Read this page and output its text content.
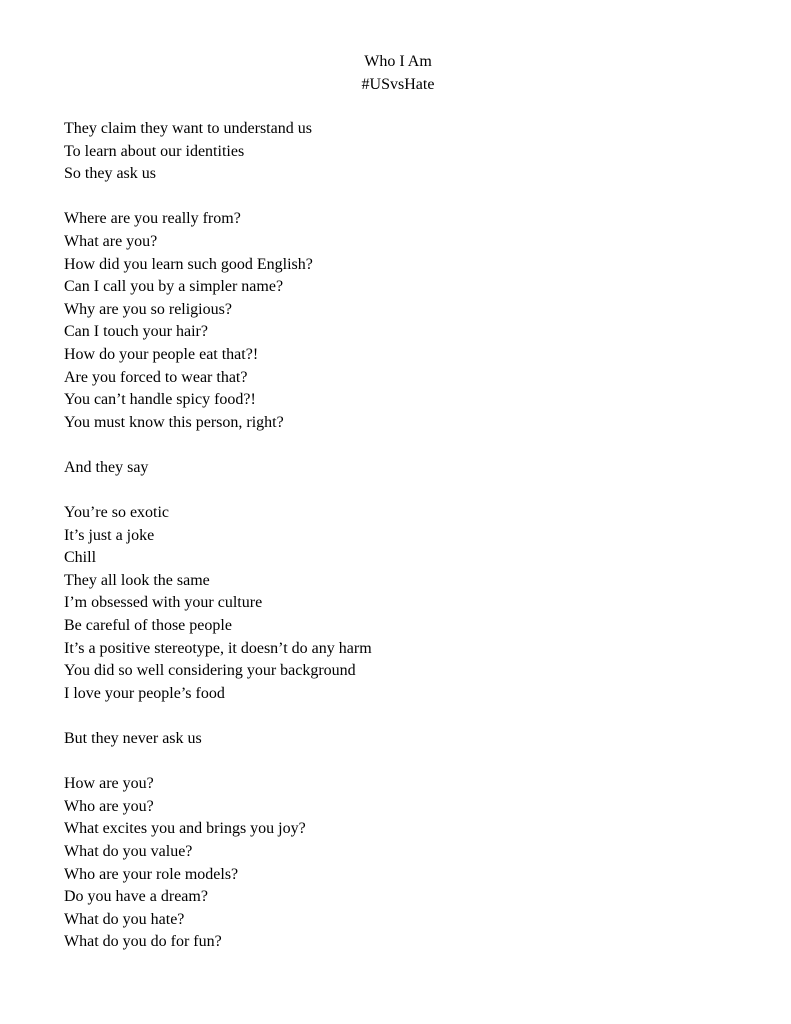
Who I Am
#USvsHate
They claim they want to understand us
To learn about our identities
So they ask us
Where are you really from?
What are you?
How did you learn such good English?
Can I call you by a simpler name?
Why are you so religious?
Can I touch your hair?
How do your people eat that?!
Are you forced to wear that?
You can’t handle spicy food?!
You must know this person, right?
And they say
You’re so exotic
It’s just a joke
Chill
They all look the same
I’m obsessed with your culture
Be careful of those people
It’s a positive stereotype, it doesn’t do any harm
You did so well considering your background
I love your people’s food
But they never ask us
How are you?
Who are you?
What excites you and brings you joy?
What do you value?
Who are your role models?
Do you have a dream?
What do you hate?
What do you do for fun?
